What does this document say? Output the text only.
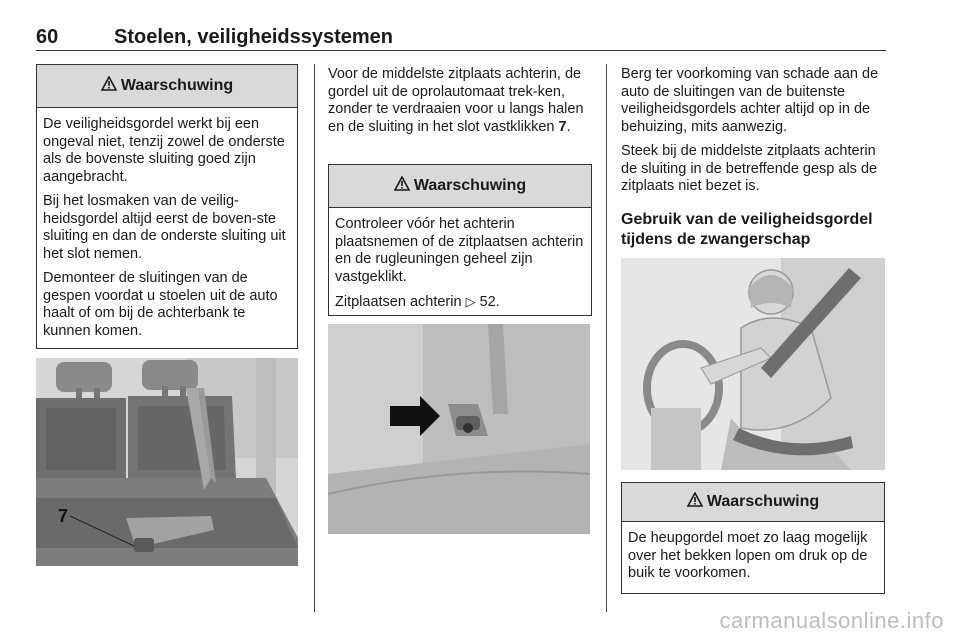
60	Stoelen, veiligheidssystemen
Waarschuwing

De veiligheidsgordel werkt bij een ongeval niet, tenzij zowel de onderste als de bovenste sluiting goed zijn aangebracht.

Bij het losmaken van de veilig-heidsgordel altijd eerst de boven-ste sluiting en dan de onderste sluiting uit het slot nemen.

Demonteer de sluitingen van de gespen voordat u stoelen uit de auto haalt of om bij de achterbank te kunnen komen.

7

Voor de middelste zitplaats achterin, de gordel uit de oprolautomaat trek-ken, zonder te verdraaien voor u langs halen en de sluiting in het slot vastklikken 7.

Waarschuwing

Controleer vóór het achterin plaatsnemen of de zitplaatsen achterin en de rugleuningen geheel zijn vastgeklikt.

Zitplaatsen achterin ▷ 52.

Berg ter voorkoming van schade aan de auto de sluitingen van de buitenste veiligheidsgordels achter altijd op in de behuizing, mits aanwezig.

Steek bij de middelste zitplaats achterin de sluiting in de betreffende gesp als de zitplaats niet bezet is.

Gebruik van de veiligheidsgordel tijdens de zwangerschap
Waarschuwing

De heupgordel moet zo laag mogelijk over het bekken lopen om druk op de buik te voorkomen.

carmanualsonline.info
